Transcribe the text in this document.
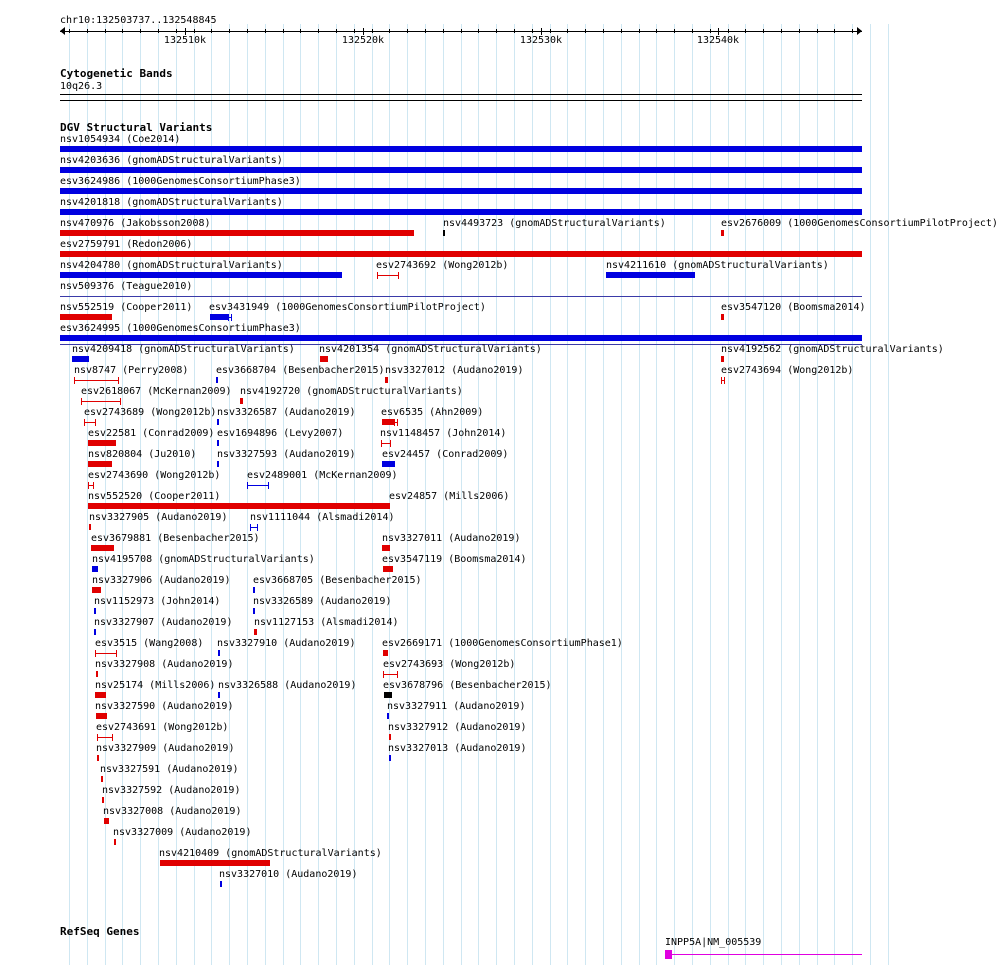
chr10:132503737..132548845
132510k	132520k	132530k	132540k
Cytogenetic Bands
10q26.3
DGV Structural Variants
nsv1054934 (Coe2014)
nsv4203636 (gnomADStructuralVariants)
esv3624986 (1000GenomesConsortiumPhase3)
nsv4201818 (gnomADStructuralVariants)
nsv470976 (Jakobsson2008)	nsv4493723 (gnomADStructuralVariants)	esv2676009 (1000GenomesConsortiumPilotProject)
esv2759791 (Redon2006)
nsv4204780 (gnomADStructuralVariants)	esv2743692 (Wong2012b)	nsv4211610 (gnomADStructuralVariants)
nsv509376 (Teague2010)
nsv552519 (Cooper2011) esv3431949 (1000GenomesConsortiumPilotProject)	esv3547120 (Boomsma2014)
esv3624995 (1000GenomesConsortiumPhase3)
nsv4209418 (gnomADStructuralVariants) nsv4201354 (gnomADStructuralVariants)	nsv4192562 (gnomADStructuralVariants)
nsv8747 (Perry2008)	esv3668704 (Besenbacher2015) nsv3327012 (Audano2019)	esv2743694 (Wong2012b)
esv2618067 (McKernan2009) nsv4192720 (gnomADStructuralVariants)
esv2743689 (Wong2012b) nsv3326587 (Audano2019)	esv6535 (Ahn2009)
esv22581 (Conrad2009) esv1694896 (Levy2007)	nsv1148457 (John2014)
nsv820804 (Ju2010) nsv3327593 (Audano2019)	esv24457 (Conrad2009)
esv2743690 (Wong2012b)	esv2489001 (McKernan2009)
nsv552520 (Cooper2011)	esv24857 (Mills2006)
nsv3327905 (Audano2019) nsv1111044 (Alsmadi2014)
esv3679881 (Besenbacher2015)	nsv3327011 (Audano2019)
nsv4195708 (gnomADStructuralVariants)	esv3547119 (Boomsma2014)
nsv3327906 (Audano2019) esv3668705 (Besenbacher2015)
nsv1152973 (John2014)	nsv3326589 (Audano2019)
nsv3327907 (Audano2019) nsv1127153 (Alsmadi2014)
esv3515 (Wang2008) nsv3327910 (Audano2019)	esv2669171 (1000GenomesConsortiumPhase1)
nsv3327908 (Audano2019)	esv2743693 (Wong2012b)
nsv25174 (Mills2006) nsv3326588 (Audano2019)	esv3678796 (Besenbacher2015)
nsv3327590 (Audano2019)	nsv3327911 (Audano2019)
esv2743691 (Wong2012b)	nsv3327912 (Audano2019)
nsv3327909 (Audano2019)	nsv3327013 (Audano2019)
nsv3327591 (Audano2019)
nsv3327592 (Audano2019)
nsv3327008 (Audano2019)
nsv3327009 (Audano2019)
nsv4210409 (gnomADStructuralVariants)
nsv3327010 (Audano2019)
RefSeq Genes
INPP5A|NM_005539
